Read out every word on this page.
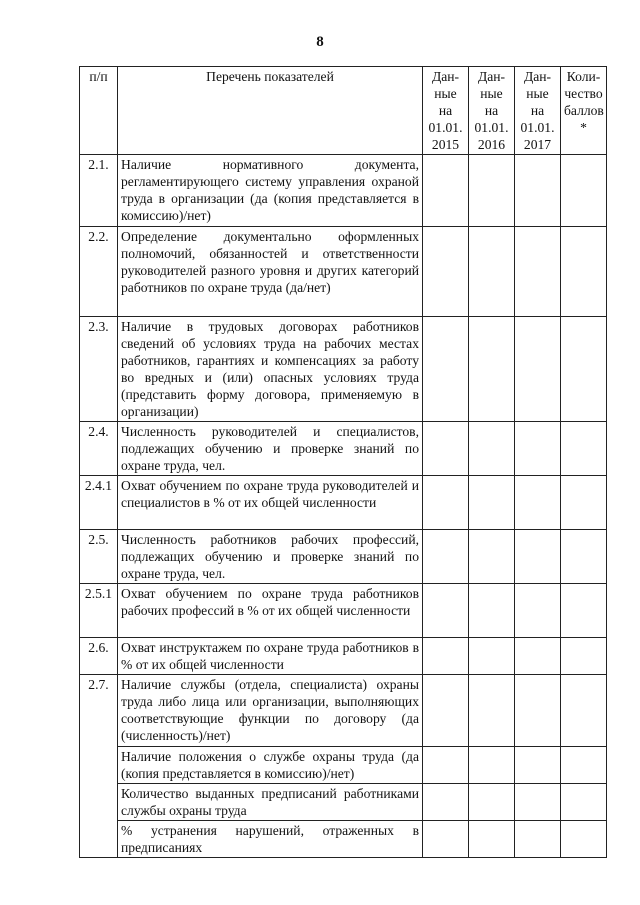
8
п/п	Перечень показателей	Дан-
ные
на
01.01.
2015	Дан-
ные
на
01.01.
2016	Дан-
ные
на
01.01.
2017	Коли-
чество
баллов
*
2.1.	Наличие нормативного документа, регламентирующего систему управления охраной труда в организации (да (копия представляется в комиссию)/нет)				
2.2.	Определение документально оформленных полномочий, обязанностей и ответственности руководителей разного уровня и других категорий работников по охране труда (да/нет)				
2.3.	Наличие в трудовых договорах работников сведений об условиях труда на рабочих местах работников, гарантиях и компенсациях за работу во вредных и (или) опасных условиях труда (представить форму договора, применяемую в организации)				
2.4.	Численность руководителей и специалистов, подлежащих обучению и проверке знаний по охране труда, чел.				
2.4.1	Охват обучением по охране труда руководителей и специалистов в % от их общей численности				
2.5.	Численность работников рабочих профессий, подлежащих обучению и проверке знаний по охране труда, чел.				
2.5.1	Охват обучением по охране труда работников рабочих профессий в % от их общей численности				
2.6.	Охват инструктажем по охране труда работников в % от их общей численности				
2.7.	Наличие службы (отдела, специалиста) охраны труда либо лица или организации, выполняющих соответствующие функции по договору (да (численность)/нет)				
	Наличие положения о службе охраны труда (да (копия представляется в комиссию)/нет)				
	Количество выданных предписаний работниками службы охраны труда				
	% устранения нарушений, отраженных в предписаниях				
